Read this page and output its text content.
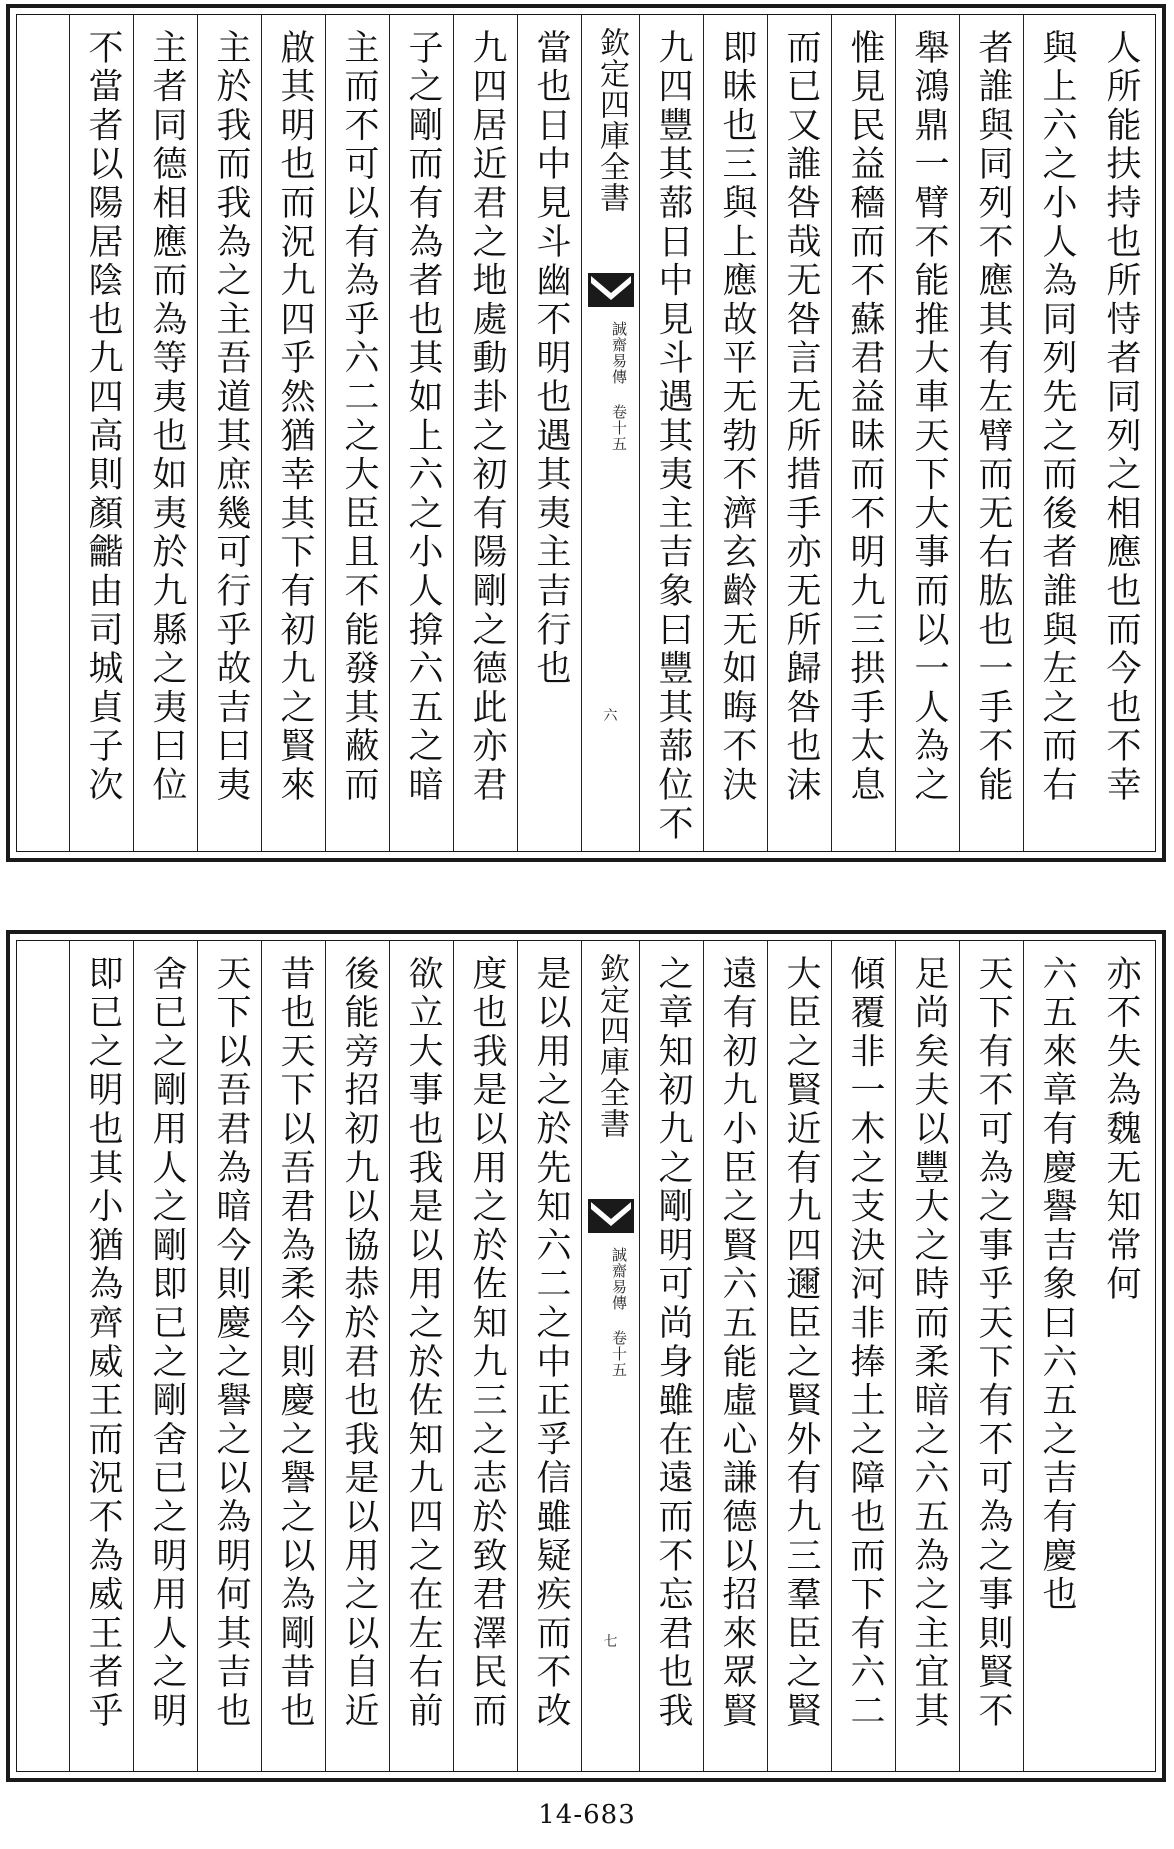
人所能扶持也所恃者同列之相應也而今也不幸
與上六之小人為同列先之而後者誰與左之而右
者誰與同列不應其有左臂而无右肱也一手不能
舉鴻鼎一臂不能推大車天下大事而以一人為之
惟見民益穡而不蘇君益昧而不明九三拱手太息
而已又誰咎哉无咎言无所措手亦无所歸咎也沫
即昧也三與上應故平无勃不濟玄齡无如晦不決
九四豐其蔀日中見斗遇其夷主吉象曰豐其蔀位不
欽定四庫全書
誠齋易傳 卷十五
六
當也日中見斗幽不明也遇其夷主吉行也
九四居近君之地處動卦之初有陽剛之德此亦君
子之剛而有為者也其如上六之小人揜六五之暗
主而不可以有為乎六二之大臣且不能發其蔽而
啟其明也而況九四乎然猶幸其下有初九之賢來
主於我而我為之主吾道其庶幾可行乎故吉曰夷
主者同德相應而為等夷也如夷於九縣之夷曰位
不當者以陽居陰也九四高則顏龤由司城貞子次
亦不失為魏无知常何
六五來章有慶譽吉象曰六五之吉有慶也
天下有不可為之事乎天下有不可為之事則賢不
足尚矣夫以豐大之時而柔暗之六五為之主宜其
傾覆非一木之支決河非捧土之障也而下有六二
大臣之賢近有九四邇臣之賢外有九三羣臣之賢
遠有初九小臣之賢六五能虛心謙德以招來眾賢
之章知初九之剛明可尚身雖在遠而不忘君也我
欽定四庫全書
誠齋易傳 卷十五
七
是以用之於先知六二之中正孚信雖疑疾而不改
度也我是以用之於佐知九三之志於致君澤民而
欲立大事也我是以用之於佐知九四之在左右前
後能旁招初九以協恭於君也我是以用之以自近
昔也天下以吾君為柔今則慶之譽之以為剛昔也
天下以吾君為暗今則慶之譽之以為明何其吉也
舍已之剛用人之剛即已之剛舍已之明用人之明
即已之明也其小猶為齊威王而況不為威王者乎
14-683
